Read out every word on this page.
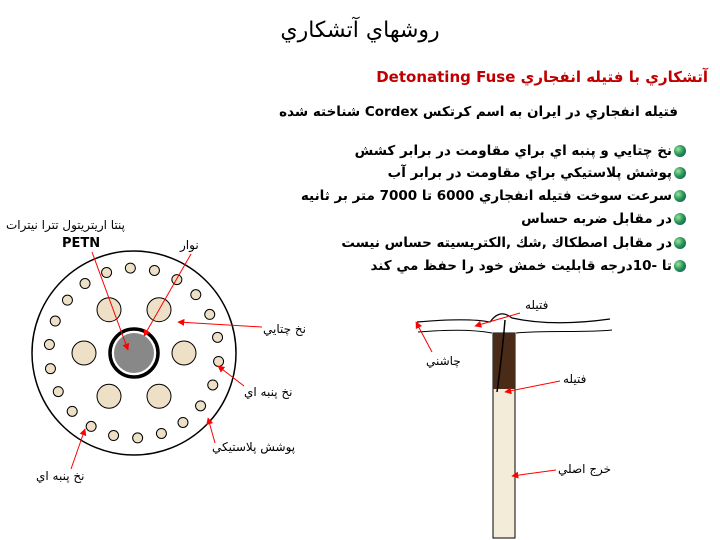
روشهاي آتشكاري
آتشكاري با فتيله انفجاري Detonating Fuse
فتيله انفجاري در ايران به اسم كرتكس Cordex شناخته شده
نخ چتايي و پنبه اي براي مقاومت در برابر كشش
پوشش پلاستيكي براي مقاومت در برابر آب
سرعت سوخت فتيله انفجاري 6000 تا 7000 متر بر ثانيه
در مقابل ضربه حساس
در مقابل اصطكاك ,شك ,الكتريسيته حساس نيست
تا -10درجه قابليت خمش خود را حفظ مي كند
پنتا اريتريتول تترا نيترات
PETN	نوار
نخ چتايي
نخ پنبه اي
پوشش پلاستيكي
نخ پنبه اي
فتيله
چاشني
فتيله
خرج اصلي
